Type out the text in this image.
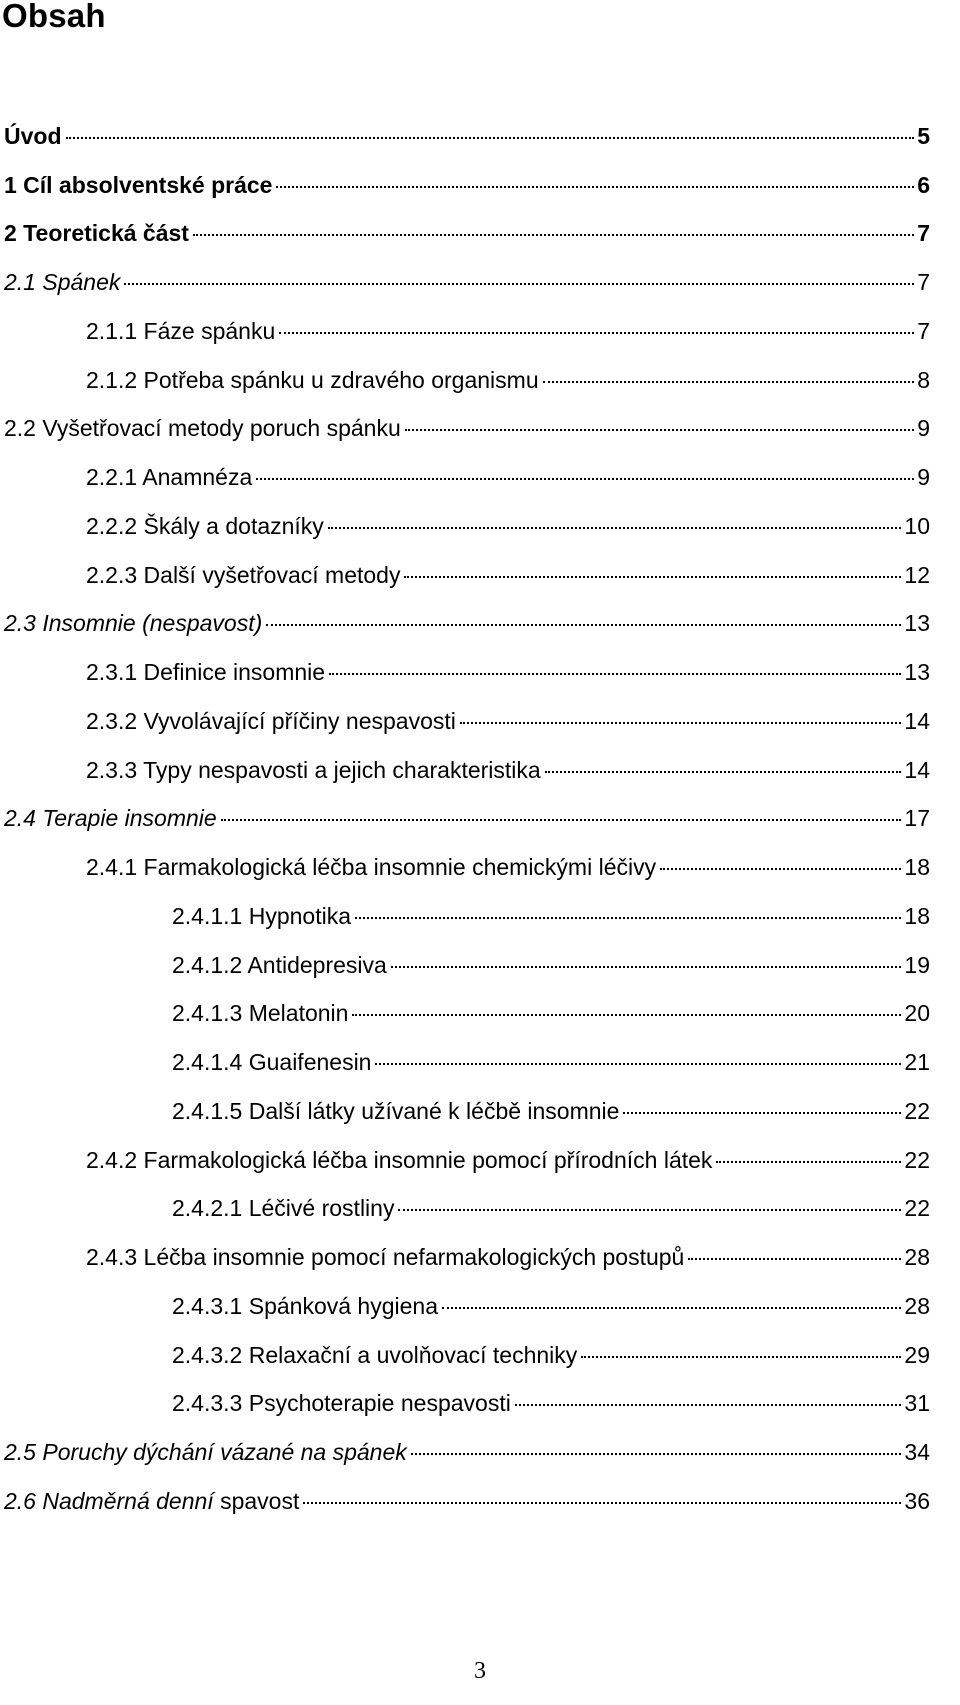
Obsah
Úvod	5
1 Cíl absolventské práce	6
2 Teoretická část	7
2.1 Spánek	7
2.1.1 Fáze spánku	7
2.1.2 Potřeba spánku u zdravého organismu	8
2.2 Vyšetřovací metody poruch spánku	9
2.2.1 Anamnéza	9
2.2.2 Škály a dotazníky	10
2.2.3 Další vyšetřovací metody	12
2.3 Insomnie (nespavost)	13
2.3.1 Definice insomnie	13
2.3.2 Vyvolávající příčiny nespavosti	14
2.3.3 Typy nespavosti a jejich charakteristika	14
2.4 Terapie insomnie	17
2.4.1 Farmakologická léčba insomnie chemickými léčivy	18
2.4.1.1 Hypnotika	18
2.4.1.2 Antidepresiva	19
2.4.1.3 Melatonin	20
2.4.1.4 Guaifenesin	21
2.4.1.5 Další látky užívané k léčbě insomnie	22
2.4.2 Farmakologická léčba insomnie pomocí přírodních látek	22
2.4.2.1 Léčivé rostliny	22
2.4.3 Léčba insomnie pomocí nefarmakologických postupů	28
2.4.3.1 Spánková hygiena	28
2.4.3.2 Relaxační a uvolňovací techniky	29
2.4.3.3 Psychoterapie nespavosti	31
2.5 Poruchy dýchání vázané na spánek	34
2.6 Nadměrná denní spavost	36
3
